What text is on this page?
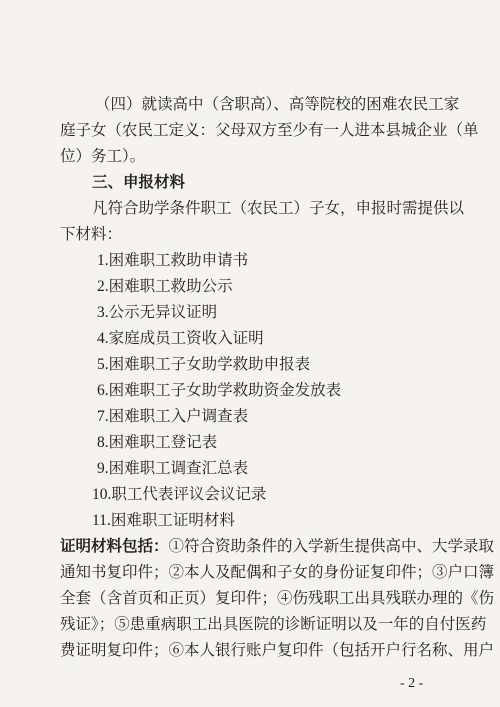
（四）就读高中（含职高）、高等院校的困难农民工家
庭子女（农民工定义：父母双方至少有一人进本县城企业（单
位）务工）。
三、申报材料
凡符合助学条件职工（农民工）子女，申报时需提供以
下材料：
1.困难职工救助申请书
2.困难职工救助公示
3.公示无异议证明
4.家庭成员工资收入证明
5.困难职工子女助学救助申报表
6.困难职工子女助学救助资金发放表
7.困难职工入户调查表
8.困难职工登记表
9.困难职工调查汇总表
10.职工代表评议会议记录
11.困难职工证明材料
证明材料包括：①符合资助条件的入学新生提供高中、大学录取
通知书复印件；②本人及配偶和子女的身份证复印件；③户口簿
全套（含首页和正页）复印件；④伤残职工出具残联办理的《伤
残证》；⑤患重病职工出具医院的诊断证明以及一年的自付医药
费证明复印件；⑥本人银行账户复印件（包括开户行名称、用户
- 2 -
